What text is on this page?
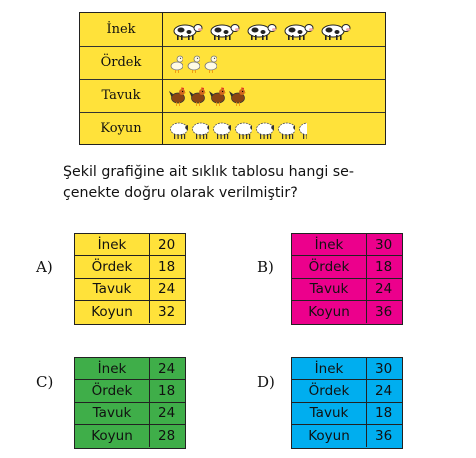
İnek
Ördek
Tavuk
Koyun
Şekil grafiğine ait sıklık tablosu hangi se-
çenekte doğru olarak verilmiştir?
A)
İnek	20
Ördek	18
Tavuk	24
Koyun	32
B)
İnek	30
Ördek	18
Tavuk	24
Koyun	36
C)
İnek	24
Ördek	18
Tavuk	24
Koyun	28
D)
İnek	30
Ördek	24
Tavuk	18
Koyun	36
